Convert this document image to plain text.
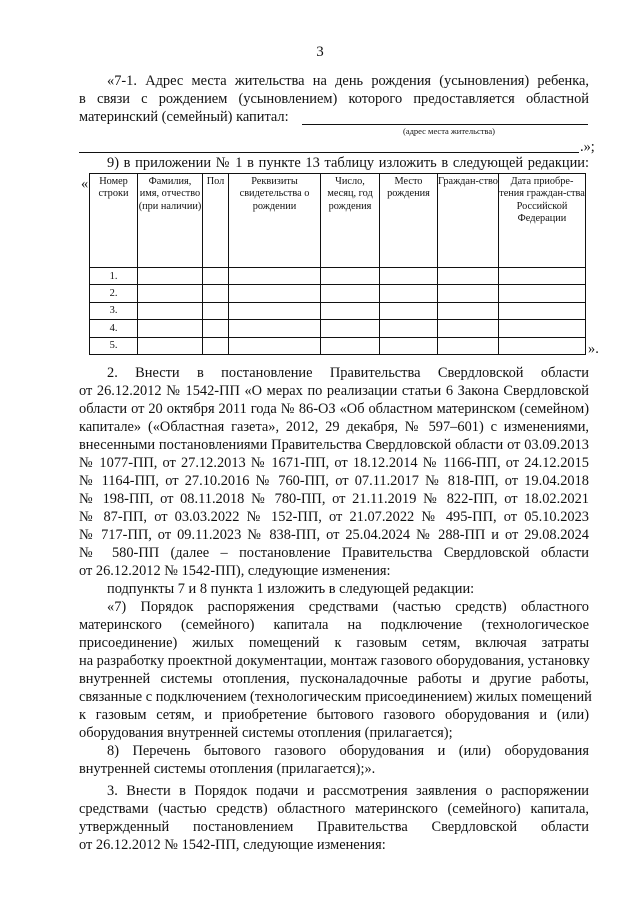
3
«7-1. Адрес места жительства на день рождения (усыновления) ребенка,
в связи с рождением (усыновлением) которого предоставляется областной
материнский (семейный) капитал:
(адрес места жительства)
.»;
9) в приложении № 1 в пункте 13 таблицу изложить в следующей редакции:
« Номер строки	Фамилия, имя, отчество (при наличии)	Пол	Реквизиты свидетельства о рождении	Число, месяц, год рождения	Место рождения	Граждан-ство	Дата приобре-тения граждан-ства Российской Федерации
1.							
2.							
3.							
4.							
5.								».
2. Внести в постановление Правительства Свердловской области
от 26.12.2012 № 1542-ПП «О мерах по реализации статьи 6 Закона Свердловской
области от 20 октября 2011 года № 86-ОЗ «Об областном материнском (семейном)
капитале» («Областная газета», 2012, 29 декабря, № 597–601) с изменениями,
внесенными постановлениями Правительства Свердловской области от 03.09.2013
№ 1077-ПП, от 27.12.2013 № 1671-ПП, от 18.12.2014 № 1166-ПП, от 24.12.2015
№ 1164-ПП, от 27.10.2016 № 760-ПП, от 07.11.2017 № 818-ПП, от 19.04.2018
№ 198-ПП, от 08.11.2018 № 780-ПП, от 21.11.2019 № 822-ПП, от 18.02.2021
№ 87-ПП, от 03.03.2022 № 152-ПП, от 21.07.2022 № 495-ПП, от 05.10.2023
№ 717-ПП, от 09.11.2023 № 838-ПП, от 25.04.2024 № 288-ПП и от 29.08.2024
№ 580-ПП (далее – постановление Правительства Свердловской области
от 26.12.2012 № 1542-ПП), следующие изменения:
подпункты 7 и 8 пункта 1 изложить в следующей редакции:
«7) Порядок распоряжения средствами (частью средств) областного
материнского (семейного) капитала на подключение (технологическое
присоединение) жилых помещений к газовым сетям, включая затраты
на разработку проектной документации, монтаж газового оборудования, установку
внутренней системы отопления, пусконаладочные работы и другие работы,
связанные с подключением (технологическим присоединением) жилых помещений
к газовым сетям, и приобретение бытового газового оборудования и (или)
оборудования внутренней системы отопления (прилагается);
8) Перечень бытового газового оборудования и (или) оборудования
внутренней системы отопления (прилагается);».
3. Внести в Порядок подачи и рассмотрения заявления о распоряжении
средствами (частью средств) областного материнского (семейного) капитала,
утвержденный постановлением Правительства Свердловской области
от 26.12.2012 № 1542-ПП, следующие изменения:
